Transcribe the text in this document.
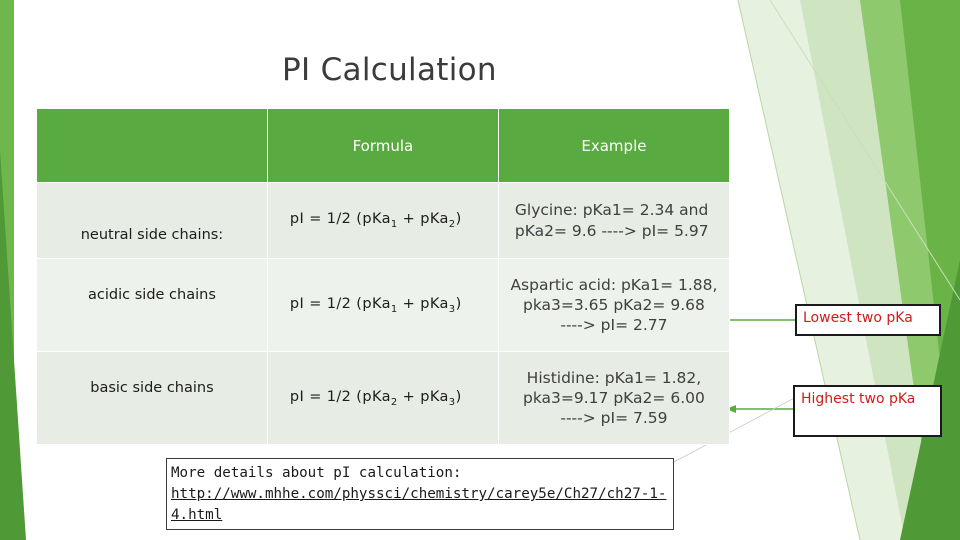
PI Calculation
	Formula	Example

neutral side chains:	pI = 1/2 (pKa$_1$ + pKa$_2$)	Glycine: pKa1= 2.34 and
pKa2= 9.6 ----> pI= 5.97

acidic side chains	pI = 1/2 (pKa$_1$ + pKa$_3$)	Aspartic acid: pKa1= 1.88,
pka3=3.65 pKa2= 9.68
----> pI= 2.77

basic side chains	pI = 1/2 (pKa$_2$ + pKa$_3$)	Histidine: pKa1= 1.82,
pka3=9.17 pKa2= 6.00
----> pI= 7.59
Lowest two pKa
Highest two pKa
More details about pI calculation:
http://www.mhhe.com/physsci/chemistry/carey5e/Ch27/ch27-1-4.html
